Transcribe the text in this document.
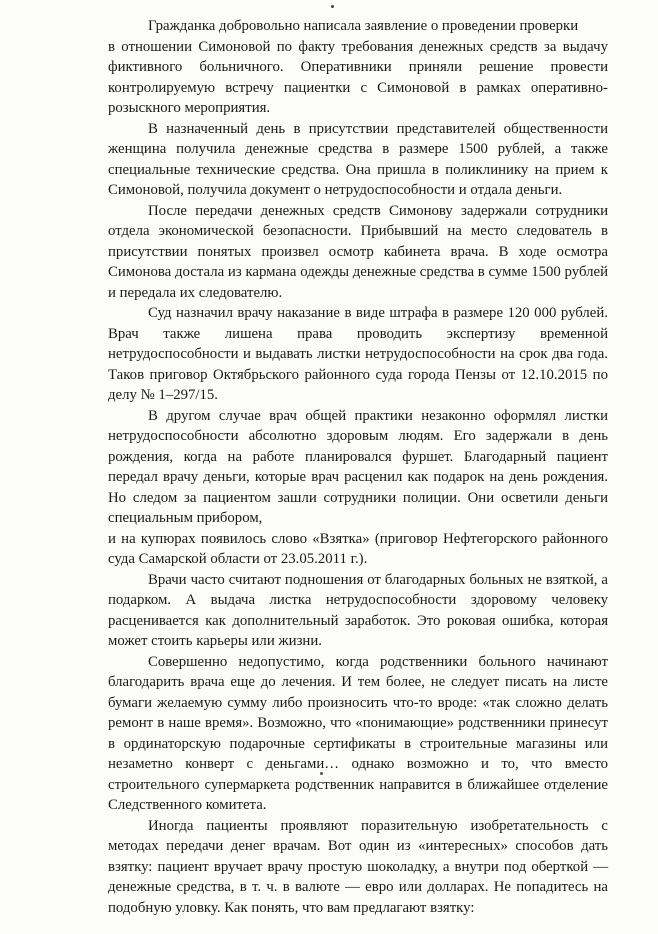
Гражданка добровольно написала заявление о проведении проверки
в отношении Симоновой по факту требования денежных средств за выдачу фиктивного больничного. Оперативники приняли решение провести контролируемую встречу пациентки с Симоновой в рамках оперативно-розыскного мероприятия.

В назначенный день в присутствии представителей общественности женщина получила денежные средства в размере 1500 рублей, а также специальные технические средства. Она пришла в поликлинику на прием к Симоновой, получила документ о нетрудоспособности и отдала деньги.

После передачи денежных средств Симонову задержали сотрудники отдела экономической безопасности. Прибывший на место следователь в присутствии понятых произвел осмотр кабинета врача. В ходе осмотра Симонова достала из кармана одежды денежные средства в сумме 1500 рублей и передала их следователю.

Суд назначил врачу наказание в виде штрафа в размере 120 000 рублей. Врач также лишена права проводить экспертизу временной нетрудоспособности и выдавать листки нетрудоспособности на срок два года. Таков приговор Октябрьского районного суда города Пензы от 12.10.2015 по делу № 1–297/15.

В другом случае врач общей практики незаконно оформлял листки нетрудоспособности абсолютно здоровым людям. Его задержали в день рождения, когда на работе планировался фуршет. Благодарный пациент передал врачу деньги, которые врач расценил как подарок на день рождения. Но следом за пациентом зашли сотрудники полиции. Они осветили деньги специальным прибором,
и на купюрах появилось слово «Взятка» (приговор Нефтегорского районного суда Самарской области от 23.05.2011 г.).

Врачи часто считают подношения от благодарных больных не взяткой, а подарком. А выдача листка нетрудоспособности здоровому человеку расценивается как дополнительный заработок. Это роковая ошибка, которая может стоить карьеры или жизни.

Совершенно недопустимо, когда родственники больного начинают благодарить врача еще до лечения. И тем более, не следует писать на листе бумаги желаемую сумму либо произносить что-то вроде: «так сложно делать ремонт в наше время». Возможно, что «понимающие» родственники принесут в ординаторскую подарочные сертификаты в строительные магазины или незаметно конверт с деньгами… однако возможно и то, что вместо строительного супермаркета родственник направится в ближайшее отделение Следственного комитета.

Иногда пациенты проявляют поразительную изобретательность с методах передачи денег врачам. Вот один из «интересных» способов дать взятку: пациент вручает врачу простую шоколадку, а внутри под оберткой — денежные средства, в т. ч. в валюте — евро или долларах. Не попадитесь на подобную уловку. Как понять, что вам предлагают взятку:
